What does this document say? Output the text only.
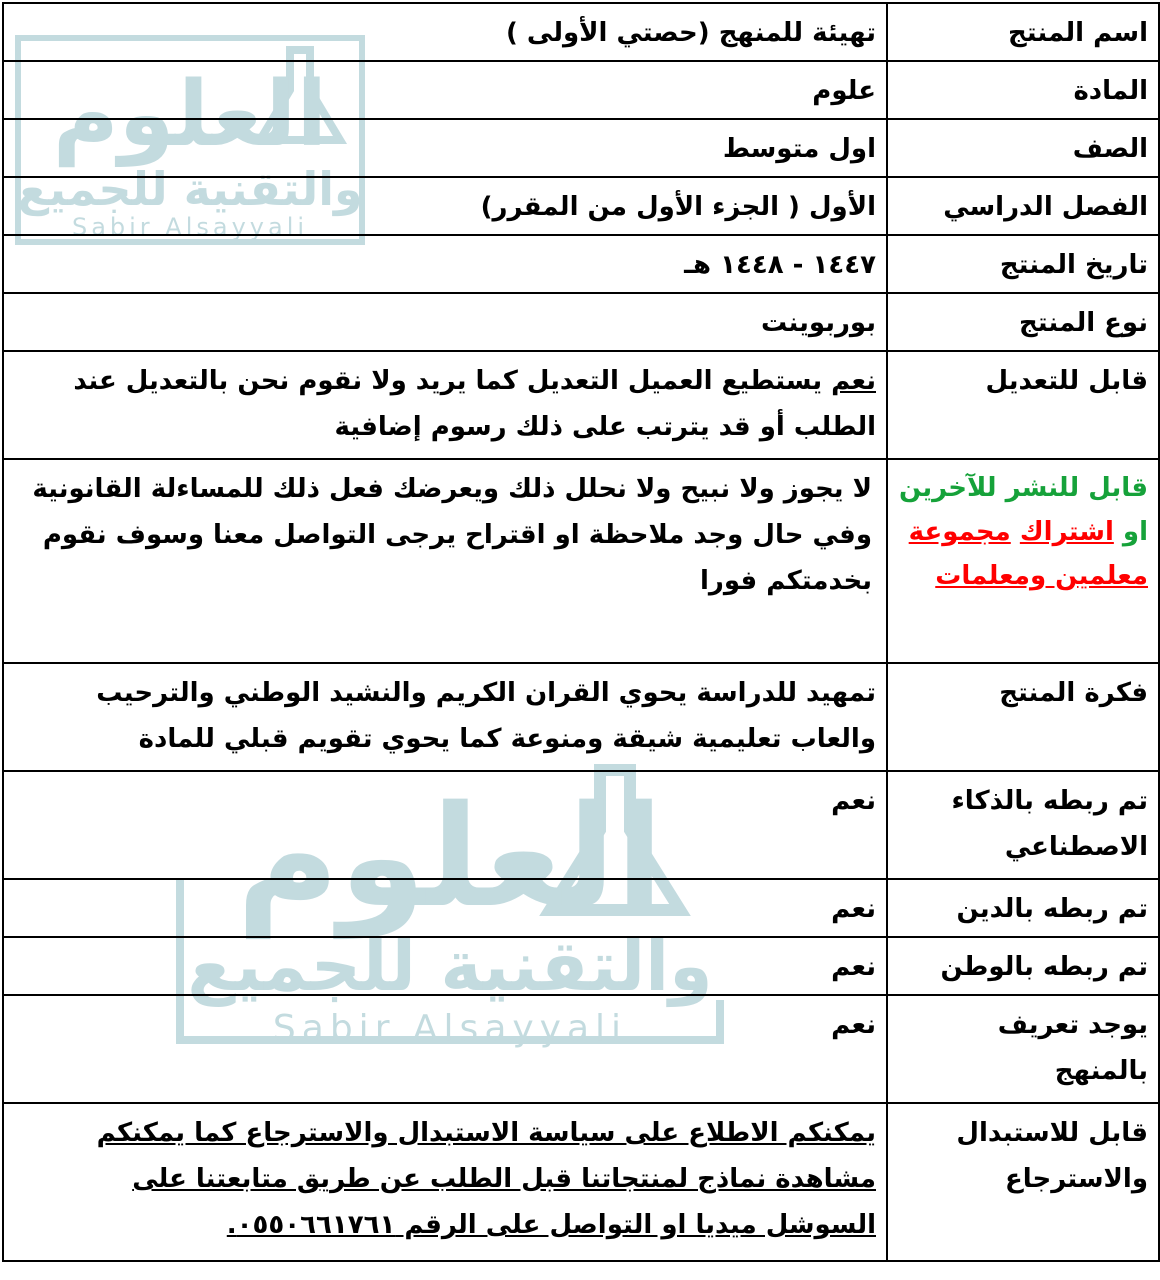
العلوم
والتقنية للجميع
Sabir Alsayyali
العلوم
والتقنية للجميع
Sabir Alsayyali
اسم المنتج	تهيئة للمنهج (حصتي الأولى )
المادة	علوم
الصف	اول متوسط
الفصل الدراسي	الأول ( الجزء الأول من المقرر)
تاريخ المنتج	١٤٤٧ - ١٤٤٨ هـ
نوع المنتج	بوربوينت
قابل للتعديل	نعم يستطيع العميل التعديل كما يريد ولا نقوم نحن بالتعديل عند الطلب أو قد يترتب على ذلك رسوم إضافية
قابل للنشر للآخرين او اشتراك مجموعة معلمين ومعلمات	لا يجوز ولا نبيح ولا نحلل ذلك ويعرضك فعل ذلك للمساءلة القانونية وفي حال وجد ملاحظة او اقتراح يرجى التواصل معنا وسوف نقوم بخدمتكم فورا
فكرة المنتج	تمهيد للدراسة يحوي القران الكريم والنشيد الوطني والترحيب والعاب تعليمية شيقة ومنوعة كما يحوي تقويم قبلي للمادة
تم ربطه بالذكاء الاصطناعي	نعم
تم ربطه بالدين	نعم
تم ربطه بالوطن	نعم
يوجد تعريف بالمنهج	نعم
قابل للاستبدال والاسترجاع	يمكنكم الاطلاع على سياسة الاستبدال والاسترجاع كما يمكنكم مشاهدة نماذج لمنتجاتنا قبل الطلب عن طريق متابعتنا على السوشل ميديا او التواصل على الرقم ٠٥٥٠٦٦١٧٦١.
